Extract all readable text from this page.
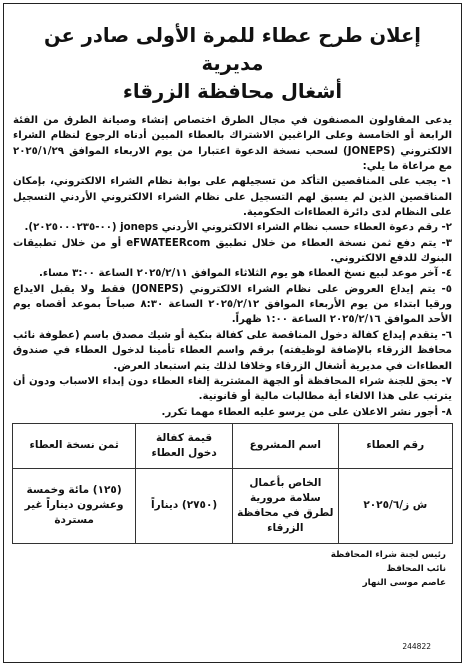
إعلان طرح عطاء للمرة الأولى صادر عن مديرية
أشغال محافظة الزرقاء

يدعى المقاولون المصنفون في مجال الطرق اختصاص إنشاء وصيانة الطرق من الفئة الرابعة أو الخامسة وعلى الراغبين الاشتراك بالعطاء المبين أدناه الرجوع لنظام الشراء الالكتروني (JONEPS) لسحب نسخة الدعوة اعتبارا من يوم الاربعاء الموافق ٢٠٢٥/١/٢٩ مع مراعاة ما يلي:

١- يجب على المناقصين التأكد من تسجيلهم على بوابة نظام الشراء الالكتروني، بإمكان المناقصين الذين لم يسبق لهم التسجيل على نظام الشراء الالكتروني الأردني التسجيل على النظام لدى دائرة العطاءات الحكومية.

٢- رقم دعوة العطاء حسب نظام الشراء الالكتروني الأردني joneps (٠٠-٢٠٢٥٠٠٠٢٣٥).

٣- يتم دفع ثمن نسخة العطاء من خلال تطبيق eFWATEERcom أو من خلال تطبيقات البنوك للدفع الالكتروني.

٤- آخر موعد لبيع نسخ العطاء هو يوم الثلاثاء الموافق ٢٠٢٥/٢/١١ الساعة ٣:٠٠ مساء.

٥- يتم إيداع العروض على نظام الشراء الالكتروني (JONEPS) فقط ولا يقبل الايداع ورقيا ابتداء من يوم الأربعاء الموافق ٢٠٢٥/٢/١٢ الساعة ٨:٣٠ صباحاً بموعد أقصاه يوم الأحد الموافق ٢٠٢٥/٢/١٦ الساعة ١:٠٠ ظهراً.

٦- يتقدم إيداع كفالة دخول المناقصة على كفالة بنكية أو شيك مصدق باسم (عطوفة نائب محافظ الزرقاء بالإضافة لوظيفته) برقم واسم العطاء تأمينا لدخول العطاء في صندوق العطاءات في مديرية أشغال الزرقاء وخلافا لذلك يتم استبعاد العرض.

٧- يحق للجنة شراء المحافظة أو الجهة المشترية إلغاء العطاء دون إبداء الاسباب ودون أن يترتب على هذا الالغاء أية مطالبات مالية أو قانونية.

٨- أجور نشر الاعلان على من يرسو عليه العطاء مهما تكرر.

رقم العطاء	اسم المشروع	قيمة كفالة دخول العطاء	ثمن نسخة العطاء
ش ز/٢٠٢٥/٦	الخاص بأعمال سلامة مرورية لطرق في محافظة الزرقاء	(٢٧٥٠) ديناراً	(١٢٥) مائة وخمسة وعشرون ديناراً غير مستردة
رئيس لجنة شراء المحافظة
نائب المحافظ
عاصم موسى النهار
244822
